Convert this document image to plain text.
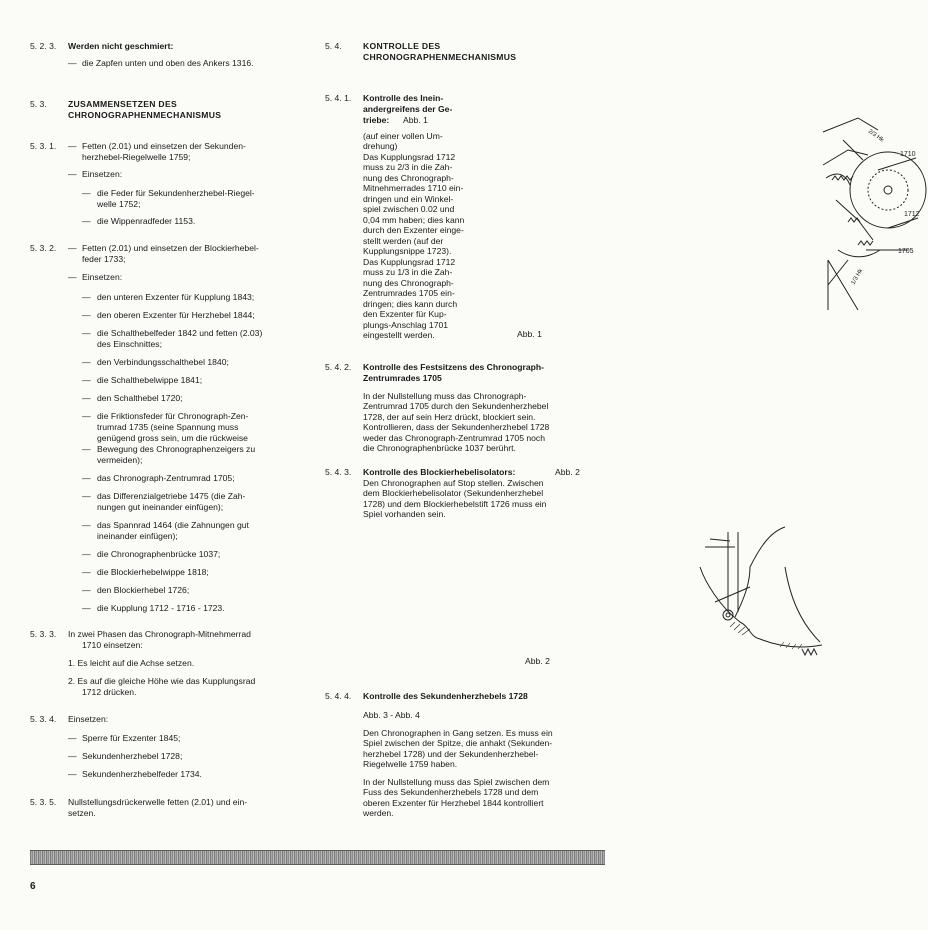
5. 2. 3. Werden nicht geschmiert:
— die Zapfen unten und oben des Ankers 1316.
5. 3. ZUSAMMENSETZEN DES
CHRONOGRAPHENMECHANISMUS
5. 3. 1. — Fetten (2.01) und einsetzen der Sekunden-
herzhebel-Riegelwelle 1759;
— Einsetzen:
— die Feder für Sekundenherzhebel-Riegel-
welle 1752;
— die Wippenradfeder 1153.
5. 3. 2. — Fetten (2.01) und einsetzen der Blockierhebel-
feder 1733;
— Einsetzen:
— den unteren Exzenter für Kupplung 1843;
— den oberen Exzenter für Herzhebel 1844;
— die Schalthebelfeder 1842 und fetten (2.03)
des Einschnittes;
— den Verbindungsschalthebel 1840;
— die Schalthebelwippe 1841;
— den Schalthebel 1720;
— die Friktionsfeder für Chronograph-Zen-
trumrad 1735 (seine Spannung muss
genügend gross sein, um die rückweise
— Bewegung des Chronographenzeigers zu
vermeiden);
— das Chronograph-Zentrumrad 1705;
— das Differenzialgetriebe 1475 (die Zah-
nungen gut ineinander einfügen);
— das Spannrad 1464 (die Zahnungen gut
ineinander einfügen);
— die Chronographenbrücke 1037;
— die Blockierhebelwippe 1818;
— den Blockierhebel 1726;
— die Kupplung 1712 - 1716 - 1723.
5. 3. 3. In zwei Phasen das Chronograph-Mitnehmerrad
1710 einsetzen:
1. Es leicht auf die Achse setzen.
2. Es auf die gleiche Höhe wie das Kupplungsrad
1712 drücken.
5. 3. 4. Einsetzen:
— Sperre für Exzenter 1845;
— Sekundenherzhebel 1728;
— Sekundenherzhebelfeder 1734.
5. 3. 5. Nullstellungsdrückerwelle fetten (2.01) und ein-
setzen.
5. 4. KONTROLLE DES
CHRONOGRAPHENMECHANISMUS
5. 4. 1. Kontrolle des Inein-
andergreifens der Ge-
triebe: Abb. 1
(auf einer vollen Um-
drehung)
Das Kupplungsrad 1712
muss zu 2/3 in die Zah-
nung des Chronograph-
Mitnehmerrades 1710 ein-
dringen und ein Winkel-
spiel zwischen 0.02 und
0,04 mm haben; dies kann
durch den Exzenter einge-
stellt werden (auf der
Kupplungsnippe 1723).
Das Kupplungsrad 1712
muss zu 1/3 in die Zah-
nung des Chronograph-
Zentrumrades 1705 ein-
dringen; dies kann durch
den Exzenter für Kup-
plungs-Anschlag 1701
eingestellt werden.	Abb. 1
1710
1712
1705
2/3 Hk
1/3 Hk
5. 4. 2. Kontrolle des Festsitzens des Chronograph-
Zentrumrades 1705
In der Nullstellung muss das Chronograph-
Zentrumrad 1705 durch den Sekundenherzhebel
1728, der auf sein Herz drückt, blockiert sein.
Kontrollieren, dass der Sekundenherzhebel 1728
weder das Chronograph-Zentrumrad 1705 noch
die Chronographenbrücke 1037 berührt.
5. 4. 3. Kontrolle des Blockierhebelisolators:	Abb. 2
Den Chronographen auf Stop stellen. Zwischen
dem Blockierhebelisolator (Sekundenherzhebel
1728) und dem Blockierhebelstift 1726 muss ein
Spiel vorhanden sein.
Abb. 2
5. 4. 4. Kontrolle des Sekundenherzhebels 1728
Abb. 3 - Abb. 4
Den Chronographen in Gang setzen. Es muss ein
Spiel zwischen der Spitze, die anhakt (Sekunden-
herzhebel 1728) und der Sekundenherzhebel-
Riegelwelle 1759 haben.
In der Nullstellung muss das Spiel zwischen dem
Fuss des Sekundenherzhebels 1728 und dem
oberen Exzenter für Herzhebel 1844 kontrolliert
werden.
6
